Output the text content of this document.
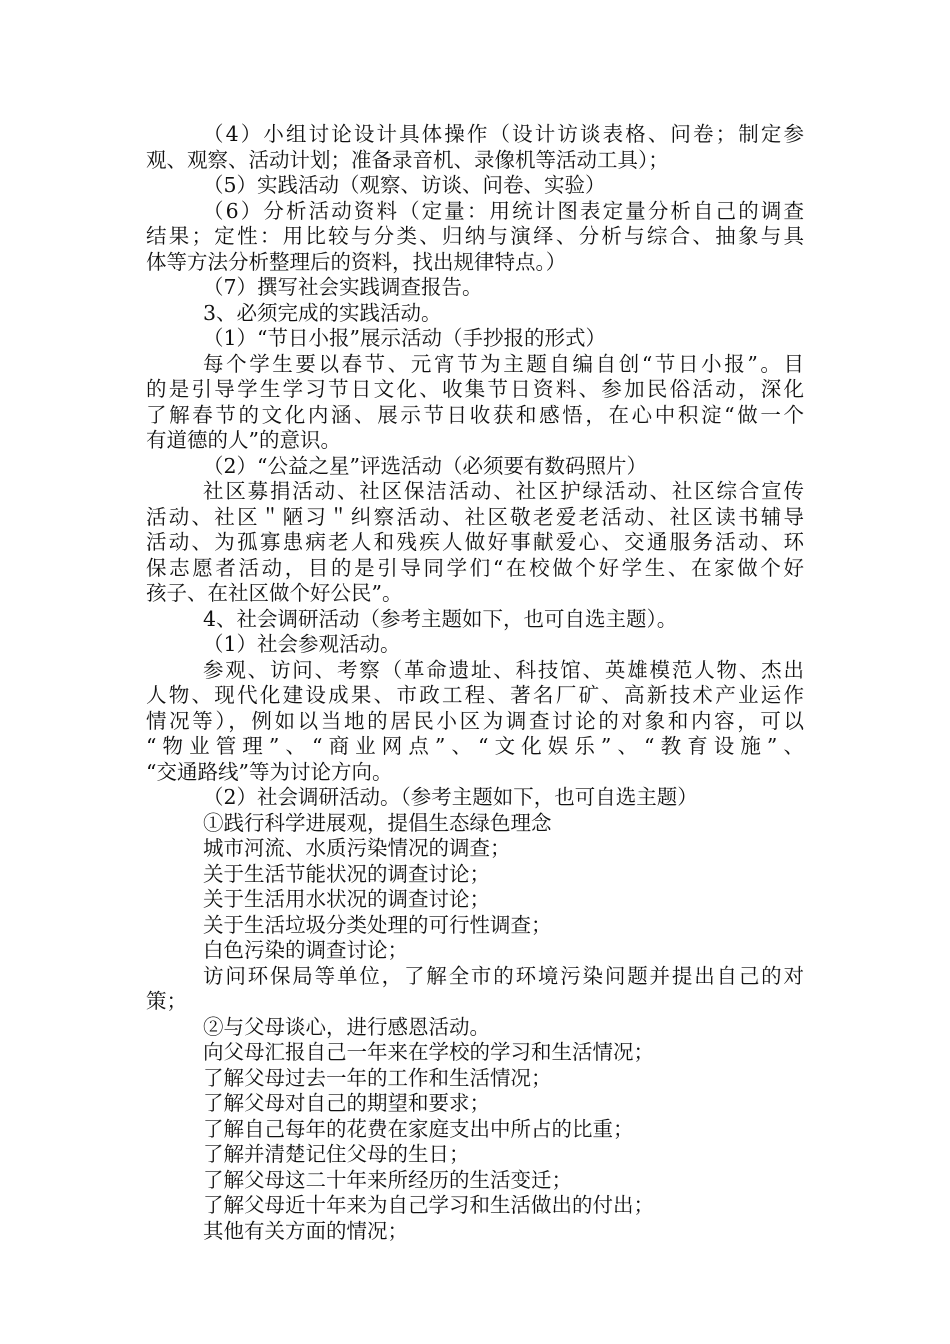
（4）小组讨论设计具体操作（设计访谈表格、问卷；制定参
观、观察、活动计划；准备录音机、录像机等活动工具）；
（5）实践活动（观察、访谈、问卷、实验）
（6）分析活动资料（定量：用统计图表定量分析自己的调查
结果；定性：用比较与分类、归纳与演绎、分析与综合、抽象与具
体等方法分析整理后的资料，找出规律特点。）
（7）撰写社会实践调查报告。
3、必须完成的实践活动。
（1）“节日小报”展示活动（手抄报的形式）
每个学生要以春节、元宵节为主题自编自创“节日小报”。目
的是引导学生学习节日文化、收集节日资料、参加民俗活动，深化
了解春节的文化内涵、展示节日收获和感悟，在心中积淀“做一个
有道德的人”的意识。
（2）“公益之星”评选活动（必须要有数码照片）
社区募捐活动、社区保洁活动、社区护绿活动、社区综合宣传
活动、社区＂陋习＂纠察活动、社区敬老爱老活动、社区读书辅导
活动、为孤寡患病老人和残疾人做好事献爱心、交通服务活动、环
保志愿者活动，目的是引导同学们“在校做个好学生、在家做个好
孩子、在社区做个好公民”。
4、社会调研活动（参考主题如下，也可自选主题）。
（1）社会参观活动。
参观、访问、考察（革命遗址、科技馆、英雄模范人物、杰出
人物、现代化建设成果、市政工程、著名厂矿、高新技术产业运作
情况等），例如以当地的居民小区为调查讨论的对象和内容，可以
“物业管理”、“商业网点”、“文化娱乐”、“教育设施”、
“交通路线”等为讨论方向。
（2）社会调研活动。（参考主题如下，也可自选主题）
①践行科学进展观，提倡生态绿色理念
城市河流、水质污染情况的调查；
关于生活节能状况的调查讨论；
关于生活用水状况的调查讨论；
关于生活垃圾分类处理的可行性调查；
白色污染的调查讨论；
访问环保局等单位，了解全市的环境污染问题并提出自己的对
策；
②与父母谈心，进行感恩活动。
向父母汇报自己一年来在学校的学习和生活情况；
了解父母过去一年的工作和生活情况；
了解父母对自己的期望和要求；
了解自己每年的花费在家庭支出中所占的比重；
了解并清楚记住父母的生日；
了解父母这二十年来所经历的生活变迁；
了解父母近十年来为自己学习和生活做出的付出；
其他有关方面的情况；
